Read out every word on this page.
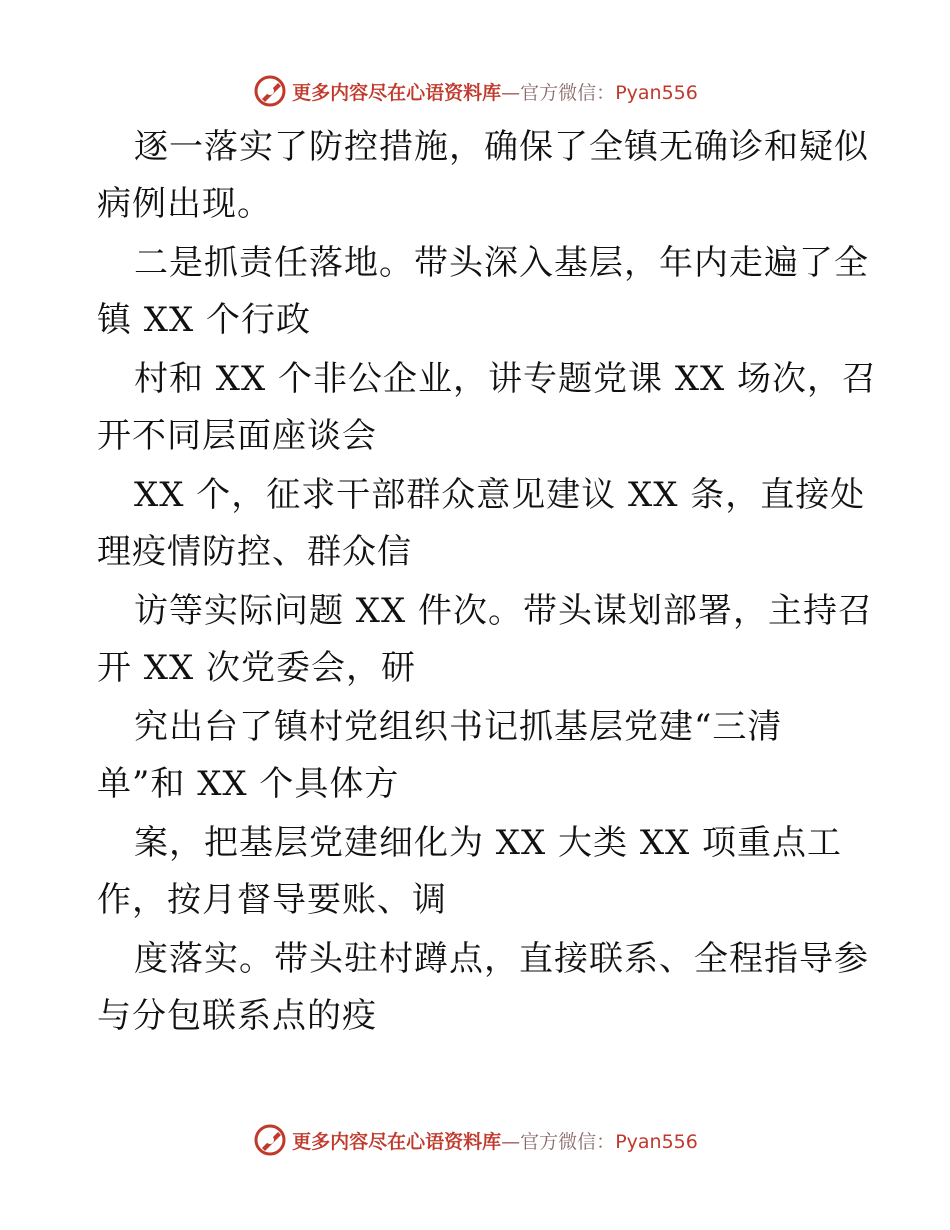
更多内容尽在心语资料库—官方微信：Pyan556
逐一落实了防控措施，确保了全镇无确诊和疑似
病例出现。
二是抓责任落地。带头深入基层，年内走遍了全
镇 XX 个行政
村和 XX 个非公企业，讲专题党课 XX 场次，召
开不同层面座谈会
XX 个，征求干部群众意见建议 XX 条，直接处
理疫情防控、群众信
访等实际问题 XX 件次。带头谋划部署，主持召
开 XX 次党委会，研
究出台了镇村党组织书记抓基层党建“三清
单”和 XX 个具体方
案，把基层党建细化为 XX 大类 XX 项重点工
作，按月督导要账、调
度落实。带头驻村蹲点，直接联系、全程指导参
与分包联系点的疫
更多内容尽在心语资料库—官方微信：Pyan556
